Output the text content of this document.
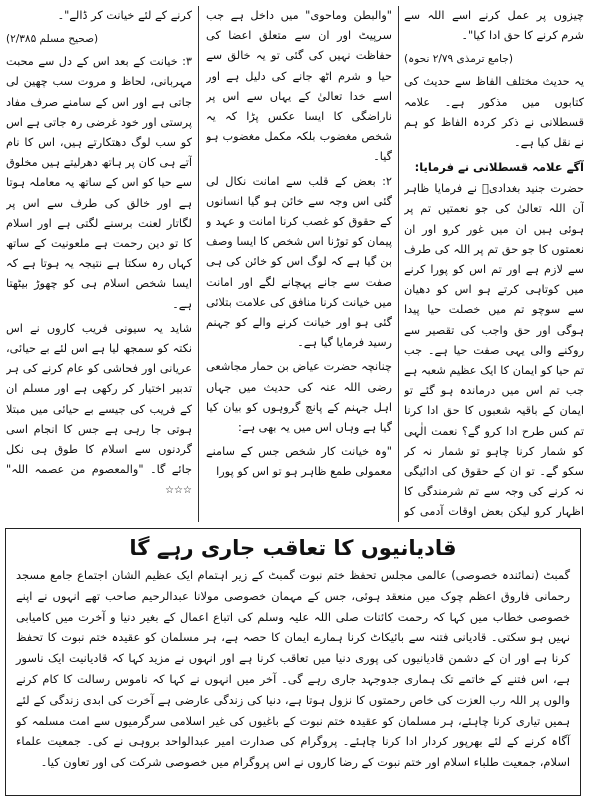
چیزوں پر عمل کرنے اسے اللہ سے شرم کرنے کا حق ادا کیا"۔

(جامع ترمذی ۲/۷۹ نحوہ)

یہ حدیث مختلف الفاظ سے حدیث کی کتابوں میں مذکور ہے۔ علامہ قسطلانی نے ذکر کردہ الفاظ کو ہم نے نقل کیا ہے۔

آگے علامہ قسطلانی نے فرمایا:

حضرت جنید بغدادیؒ نے فرمایا ظاہر آن اللہ تعالیٰ کی جو نعمتیں تم پر ہوئی ہیں ان میں غور کرو اور ان نعمتوں کا جو حق تم پر اللہ کی طرف سے لازم ہے اور تم اس کو پورا کرنے میں کوتاہی کرتے ہو اس کو دھیان سے سوچو تم میں خصلت حیا پیدا ہوگی اور حق واجب کی تقصیر سے روکنے والی یہی صفت حیا ہے۔ جب تم حیا کو ایمان کا ایک عظیم شعبہ ہے جب تم اس میں درماندہ ہو گئے تو ایمان کے باقیہ شعبوں کا حق ادا کرنا تم کس طرح ادا کرو گے؟ نعمت الٰہی کو شمار کرنا چاہو تو شمار نہ کر سکو گے۔ تو ان کے حقوق کی ادائیگی نہ کرنے کی وجہ سے تم شرمندگی کا اظہار کرو لیکن بعض اوقات آدمی کو

"والبطن وماحوی" میں داخل ہے جب سرپیٹ اور ان سے متعلق اعضا کی حفاظت نہیں کی گئی تو یہ خالق سے حیا و شرم اٹھ جانے کی دلیل ہے اور اسے خدا تعالیٰ کے یہاں سے اس پر ناراضگی کا ایسا عکس پڑا کہ یہ شخص مغضوب بلکہ مکمل مغضوب ہو گیا۔

۲: بعض کے قلب سے امانت نکال لی گئی اس وجہ سے خائن ہو گیا انسانوں کے حقوق کو غصب کرنا امانت و عہد و پیمان کو توڑنا اس شخص کا ایسا وصف بن گیا ہے کہ لوگ اس کو خائن کی ہی صفت سے جانے پہچانے لگے اور امانت میں خیانت کرنا منافق کی علامت بتلائی گئی ہو اور خیانت کرنے والے کو جہنم رسید فرمایا گیا ہے۔

چنانچہ حضرت عیاض بن حمار مجاشعی رضی اللہ عنہ کی حدیث میں جہاں اہل جہنم کے پانچ گروہوں کو بیان کیا گیا ہے وہاں اس میں یہ بھی ہے:

"وہ خیانت کار شخص جس کے سامنے معمولی طمع ظاہر ہو تو اس کو پورا

کرنے کے لئے خیانت کر ڈالے"۔

(صحیح مسلم ۲/۳۸۵)

۳: خیانت کے بعد اس کے دل سے محبت مہربانی، لحاظ و مروت سب چھین لی جاتی ہے اور اس کے سامنے صرف مفاد پرستی اور خود غرضی رہ جاتی ہے اس کو سب لوگ دھتکارتے ہیں، اس کا نام آتے ہی کان پر ہاتھ دھرلیتے ہیں مخلوق سے حیا کو اس کے ساتھ یہ معاملہ ہوتا ہے اور خالق کی طرف سے اس پر لگاتار لعنت برسنے لگتی ہے اور اسلام کا تو دین رحمت ہے ملعونیت کے ساتھ کہاں رہ سکتا ہے نتیجہ یہ ہوتا ہے کہ ایسا شخص اسلام ہی کو چھوڑ بیٹھتا ہے۔

شاید یہ سیونی فریب کاروں نے اس نکتہ کو سمجھ لیا ہے اس لئے بے حیائی، عریانی اور فحاشی کو عام کرنے کی ہر تدبیر اختیار کر رکھی ہے اور مسلم ان کے فریب کی جیسے بے حیائی میں مبتلا ہوتی جا رہی ہے جس کا انجام اسی گردنوں سے اسلام کا طوق ہی نکل جائے گا۔ "والمعصوم من عصمہ اللہ" ☆☆☆

قادیانیوں کا تعاقب جاری رہے گا

گمبٹ (نمائندہ خصوصی) عالمی مجلس تحفظ ختم نبوت گمبٹ کے زیر اہتمام ایک عظیم الشان اجتماع جامع مسجد رحمانی فاروق اعظم چوک میں منعقد ہوئی، جس کے مہمان خصوصی مولانا عبدالرحیم صاحب تھے انہوں نے اپنے خصوصی خطاب میں کہا کہ رحمت کائنات صلی اللہ علیہ وسلم کی اتباع اعمال کے بغیر دنیا و آخرت میں کامیابی نہیں ہو سکتی۔ قادیانی فتنہ سے بائیکاٹ کرنا ہمارے ایمان کا حصہ ہے، ہر مسلمان کو عقیدہ ختم نبوت کا تحفظ کرنا ہے اور ان کے دشمن قادیانیوں کی پوری دنیا میں تعاقب کرنا ہے اور انہوں نے مزید کہا کہ قادیانیت ایک ناسور ہے، اس فتنے کے خاتمے تک ہماری جدوجہد جاری رہے گی۔ آخر میں انہوں نے کہا کہ ناموس رسالت کا کام کرنے والوں پر اللہ رب العزت کی خاص رحمتوں کا نزول ہوتا ہے، دنیا کی زندگی عارضی ہے آخرت کی ابدی زندگی کے لئے ہمیں تیاری کرنا چاہئے، ہر مسلمان کو عقیدہ ختم نبوت کے باغیوں کی غیر اسلامی سرگرمیوں سے امت مسلمہ کو آگاہ کرنے کے لئے بھرپور کردار ادا کرنا چاہئے۔ پروگرام کی صدارت امیر عبدالواحد بروہی نے کی۔ جمعیت علماء اسلام، جمعیت طلباء اسلام اور ختم نبوت کے رضا کاروں نے اس پروگرام میں خصوصی شرکت کی اور تعاون کیا۔
